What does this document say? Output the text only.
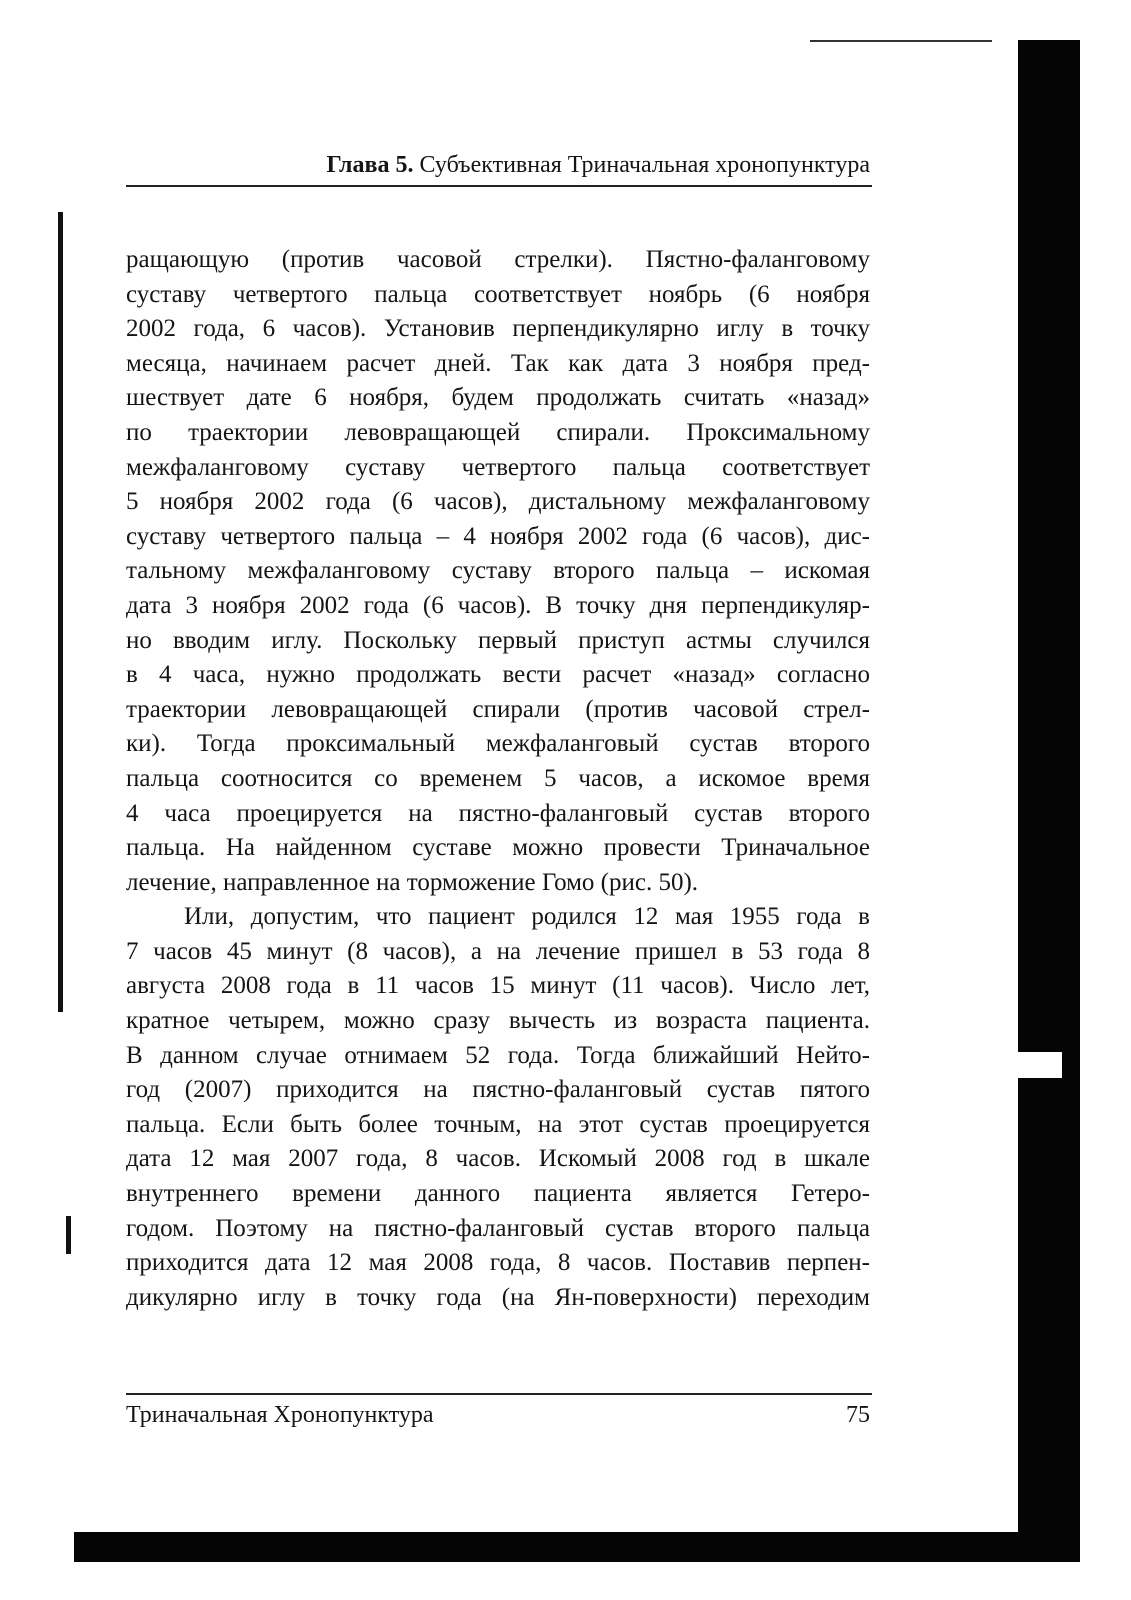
Глава 5. Субъективная Триначальная хронопунктура
ращающую (против часовой стрелки). Пястно-фаланговому
суставу четвертого пальца соответствует ноябрь (6 ноября
2002 года, 6 часов). Установив перпендикулярно иглу в точку
месяца, начинаем расчет дней. Так как дата 3 ноября пред-
шествует дате 6 ноября, будем продолжать считать «назад»
по траектории левовращающей спирали. Проксимальному
межфаланговому суставу четвертого пальца соответствует
5 ноября 2002 года (6 часов), дистальному межфаланговому
суставу четвертого пальца – 4 ноября 2002 года (6 часов), дис-
тальному межфаланговому суставу второго пальца – искомая
дата 3 ноября 2002 года (6 часов). В точку дня перпендикуляр-
но вводим иглу. Поскольку первый приступ астмы случился
в 4 часа, нужно продолжать вести расчет «назад» согласно
траектории левовращающей спирали (против часовой стрел-
ки). Тогда проксимальный межфаланговый сустав второго
пальца соотносится со временем 5 часов, а искомое время
4 часа проецируется на пястно-фаланговый сустав второго
пальца. На найденном суставе можно провести Триначальное
лечение, направленное на торможение Гомо (рис. 50).
Или, допустим, что пациент родился 12 мая 1955 года в
7 часов 45 минут (8 часов), а на лечение пришел в 53 года 8
августа 2008 года в 11 часов 15 минут (11 часов). Число лет,
кратное четырем, можно сразу вычесть из возраста пациента.
В данном случае отнимаем 52 года. Тогда ближайший Нейто-
год (2007) приходится на пястно-фаланговый сустав пятого
пальца. Если быть более точным, на этот сустав проецируется
дата 12 мая 2007 года, 8 часов. Искомый 2008 год в шкале
внутреннего времени данного пациента является Гетеро-
годом. Поэтому на пястно-фаланговый сустав второго пальца
приходится дата 12 мая 2008 года, 8 часов. Поставив перпен-
дикулярно иглу в точку года (на Ян-поверхности) переходим
Триначальная Хронопунктура	75
